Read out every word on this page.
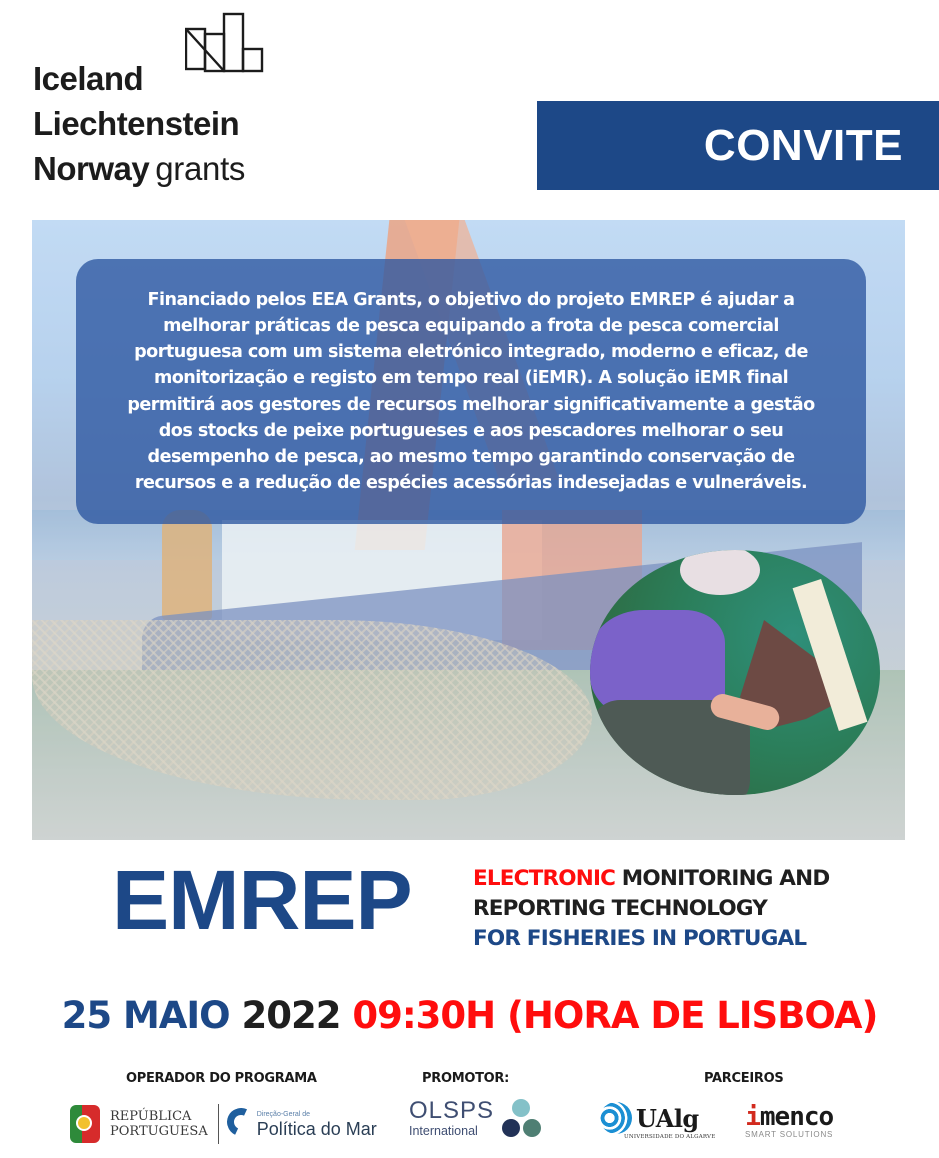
Iceland
Liechtenstein
Norway grants	CONVITE

Financiado pelos EEA Grants, o objetivo do projeto EMREP é ajudar a
melhorar práticas de pesca equipando a frota de pesca comercial
portuguesa com um sistema eletrónico integrado, moderno e eficaz, de
monitorização e registo em tempo real (iEMR). A solução iEMR final
permitirá aos gestores de recursos melhorar significativamente a gestão
dos stocks de peixe portugueses e aos pescadores melhorar o seu
desempenho de pesca, ao mesmo tempo garantindo conservação de
recursos e a redução de espécies acessórias indesejadas e vulneráveis.

EMREP	ELECTRONIC MONITORING AND
REPORTING TECHNOLOGY
FOR FISHERIES IN PORTUGAL
25 MAIO 2022 09:30H (HORA DE LISBOA)
OPERADOR DO PROGRAMA	PROMOTOR:	PARCEIROS
REPÚBLICA
PORTUGUESA
Direção-Geral de
Política do Mar
OLSPS
International	UAlg
UNIVERSIDADE DO ALGARVE
imenco
SMART SOLUTIONS
